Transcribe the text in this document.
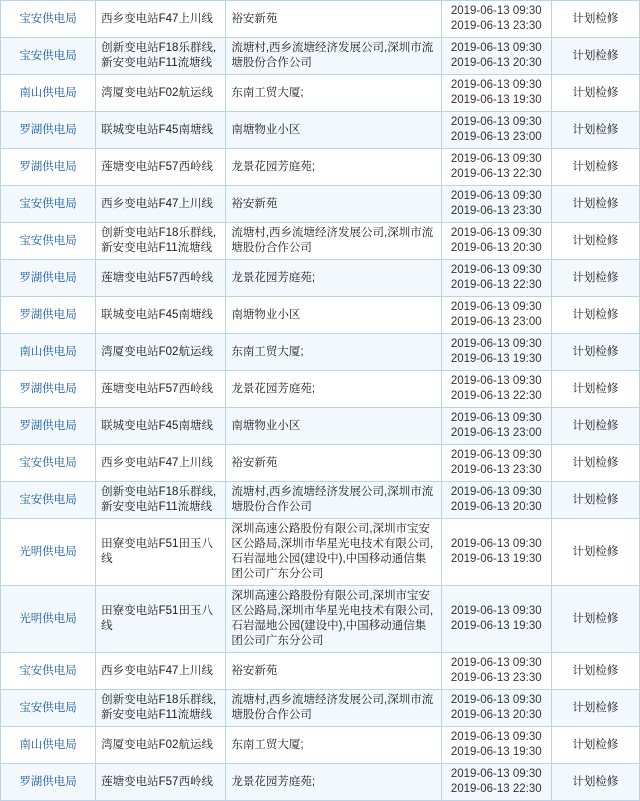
宝安供电局	西乡变电站F47上川线	裕安新苑	2019-06-13 09:30
2019-06-13 23:30	计划检修
宝安供电局	创新变电站F18乐群线,新安变电站F11流塘线	流塘村,西乡流塘经济发展公司,深圳市流塘股份合作公司	2019-06-13 09:30
2019-06-13 20:30	计划检修
南山供电局	湾厦变电站F02航运线	东南工贸大厦;	2019-06-13 09:30
2019-06-13 19:30	计划检修
罗湖供电局	联城变电站F45南塘线	南塘物业小区	2019-06-13 09:30
2019-06-13 23:00	计划检修
罗湖供电局	莲塘变电站F57西岭线	龙景花园芳庭苑;	2019-06-13 09:30
2019-06-13 22:30	计划检修
宝安供电局	西乡变电站F47上川线	裕安新苑	2019-06-13 09:30
2019-06-13 23:30	计划检修
宝安供电局	创新变电站F18乐群线,新安变电站F11流塘线	流塘村,西乡流塘经济发展公司,深圳市流塘股份合作公司	2019-06-13 09:30
2019-06-13 20:30	计划检修
罗湖供电局	莲塘变电站F57西岭线	龙景花园芳庭苑;	2019-06-13 09:30
2019-06-13 22:30	计划检修
罗湖供电局	联城变电站F45南塘线	南塘物业小区	2019-06-13 09:30
2019-06-13 23:00	计划检修
南山供电局	湾厦变电站F02航运线	东南工贸大厦;	2019-06-13 09:30
2019-06-13 19:30	计划检修
罗湖供电局	莲塘变电站F57西岭线	龙景花园芳庭苑;	2019-06-13 09:30
2019-06-13 22:30	计划检修
罗湖供电局	联城变电站F45南塘线	南塘物业小区	2019-06-13 09:30
2019-06-13 23:00	计划检修
宝安供电局	西乡变电站F47上川线	裕安新苑	2019-06-13 09:30
2019-06-13 23:30	计划检修
宝安供电局	创新变电站F18乐群线,新安变电站F11流塘线	流塘村,西乡流塘经济发展公司,深圳市流塘股份合作公司	2019-06-13 09:30
2019-06-13 20:30	计划检修
光明供电局	田寮变电站F51田玉八线	深圳高速公路股份有限公司,深圳市宝安区公路局,深圳市华星光电技术有限公司,石岩湿地公园(建设中),中国移动通信集团公司广东分公司	2019-06-13 09:30
2019-06-13 19:30	计划检修
光明供电局	田寮变电站F51田玉八线	深圳高速公路股份有限公司,深圳市宝安区公路局,深圳市华星光电技术有限公司,石岩湿地公园(建设中),中国移动通信集团公司广东分公司	2019-06-13 09:30
2019-06-13 19:30	计划检修
宝安供电局	西乡变电站F47上川线	裕安新苑	2019-06-13 09:30
2019-06-13 23:30	计划检修
宝安供电局	创新变电站F18乐群线,新安变电站F11流塘线	流塘村,西乡流塘经济发展公司,深圳市流塘股份合作公司	2019-06-13 09:30
2019-06-13 20:30	计划检修
南山供电局	湾厦变电站F02航运线	东南工贸大厦;	2019-06-13 09:30
2019-06-13 19:30	计划检修
罗湖供电局	莲塘变电站F57西岭线	龙景花园芳庭苑;	2019-06-13 09:30
2019-06-13 22:30	计划检修
